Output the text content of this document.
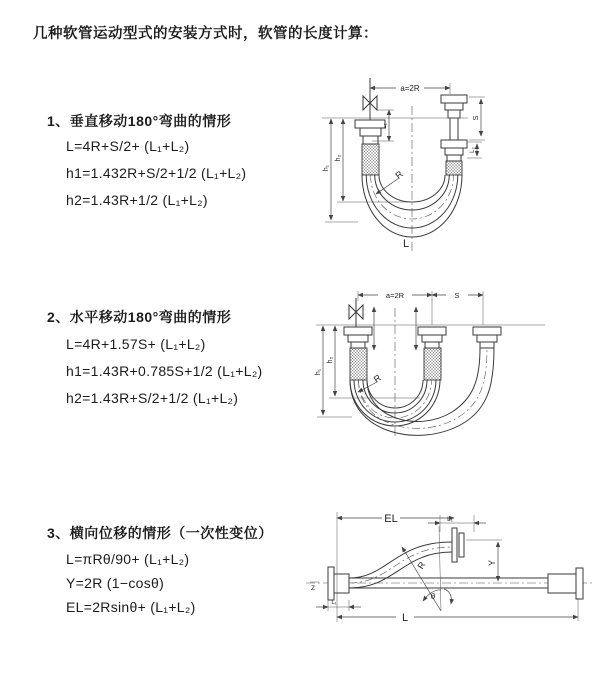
几种软管运动型式的安装方式时，软管的长度计算：
1、垂直移动180°弯曲的情形
L=4R+S/2+ (L₁+L₂)
h1=1.432R+S/2+1/2 (L₁+L₂)
h2=1.43R+1/2 (L₁+L₂)
2、水平移动180°弯曲的情形
L=4R+1.57S+ (L₁+L₂)
h1=1.43R+0.785S+1/2 (L₁+L₂)
h2=1.43R+S/2+1/2 (L₁+L₂)
3、横向位移的情形（一次性变位）
L=πRθ/90+ (L₁+L₂)
Y=2R (1−cosθ)
EL=2Rsinθ+ (L₁+L₂)
a=2R
L₁
S
L₂
h₂
h₁
R
L
a=2R	S
h₂
h₁
R
Z
EL	L₁
Y
R
θ
L₁
L
